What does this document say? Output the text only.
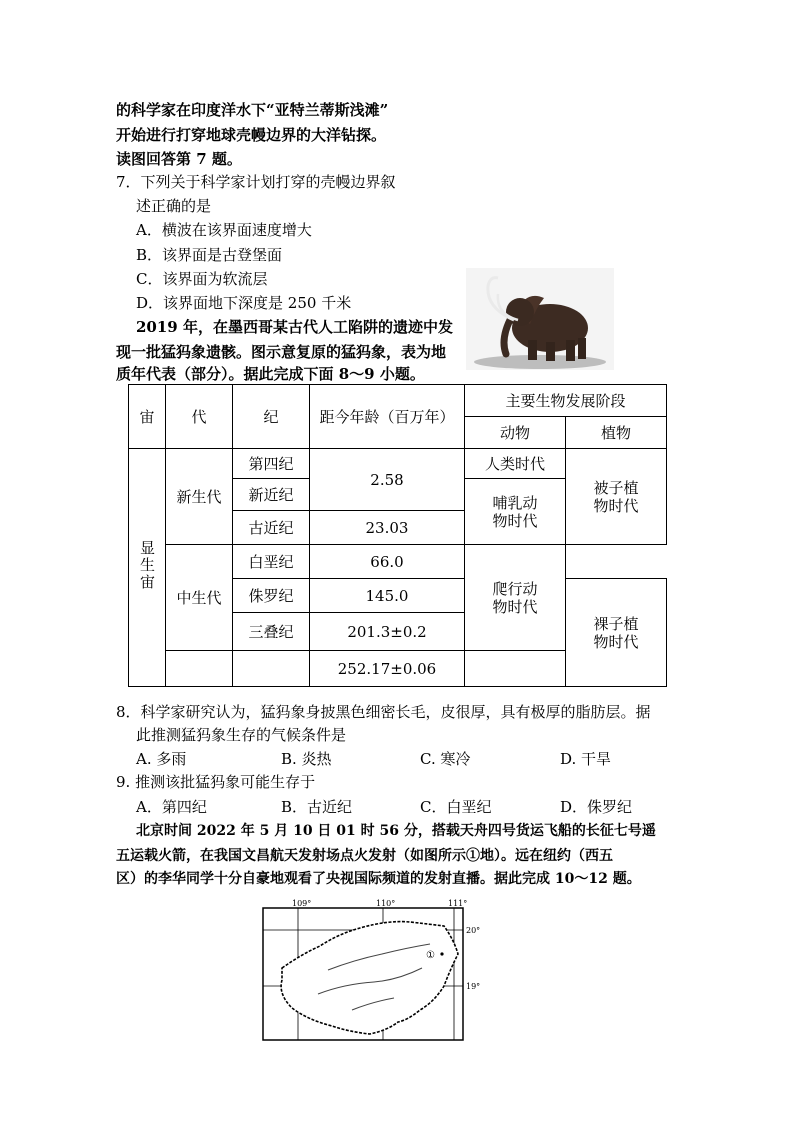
的科学家在印度洋水下“亚特兰蒂斯浅滩”
开始进行打穿地球壳幔边界的大洋钻探。
读图回答第 7 题。
7．下列关于科学家计划打穿的壳幔边界叙
述正确的是
A．横波在该界面速度增大
B．该界面是古登堡面
C．该界面为软流层
D．该界面地下深度是 250 千米
2019 年，在墨西哥某古代人工陷阱的遗迹中发
现一批猛犸象遗骸。图示意复原的猛犸象，表为地
质年代表（部分）。据此完成下面 8～9 小题。
宙	代	纪	距今年龄（百万年）	主要生物发展阶段	
				动物	植物
显生宙	新生代	第四纪	2.58	人类时代	被子植物时代

		新近纪		哺乳动物时代	

		古近纪	23.03		
	中生代	白垩纪	66.0	爬行动物时代	

		侏罗纪	145.0		裸子植物时代

		三叠纪	201.3±0.2		
			252.17±0.06		
8．科学家研究认为，猛犸象身披黑色细密长毛，皮很厚，具有极厚的脂肪层。据
此推测猛犸象生存的气候条件是
A. 多雨	B. 炎热	C. 寒冷	D. 干旱
9. 推测该批猛犸象可能生存于
A．第四纪	B．古近纪	C．白垩纪	D．侏罗纪
北京时间 2022 年 5 月 10 日 01 时 56 分，搭载天舟四号货运飞船的长征七号遥
五运载火箭，在我国文昌航天发射场点火发射（如图所示①地）。远在纽约（西五
区）的李华同学十分自豪地观看了央视国际频道的发射直播。据此完成 10～12 题。
109°	110°	111°
20°
19°
①
